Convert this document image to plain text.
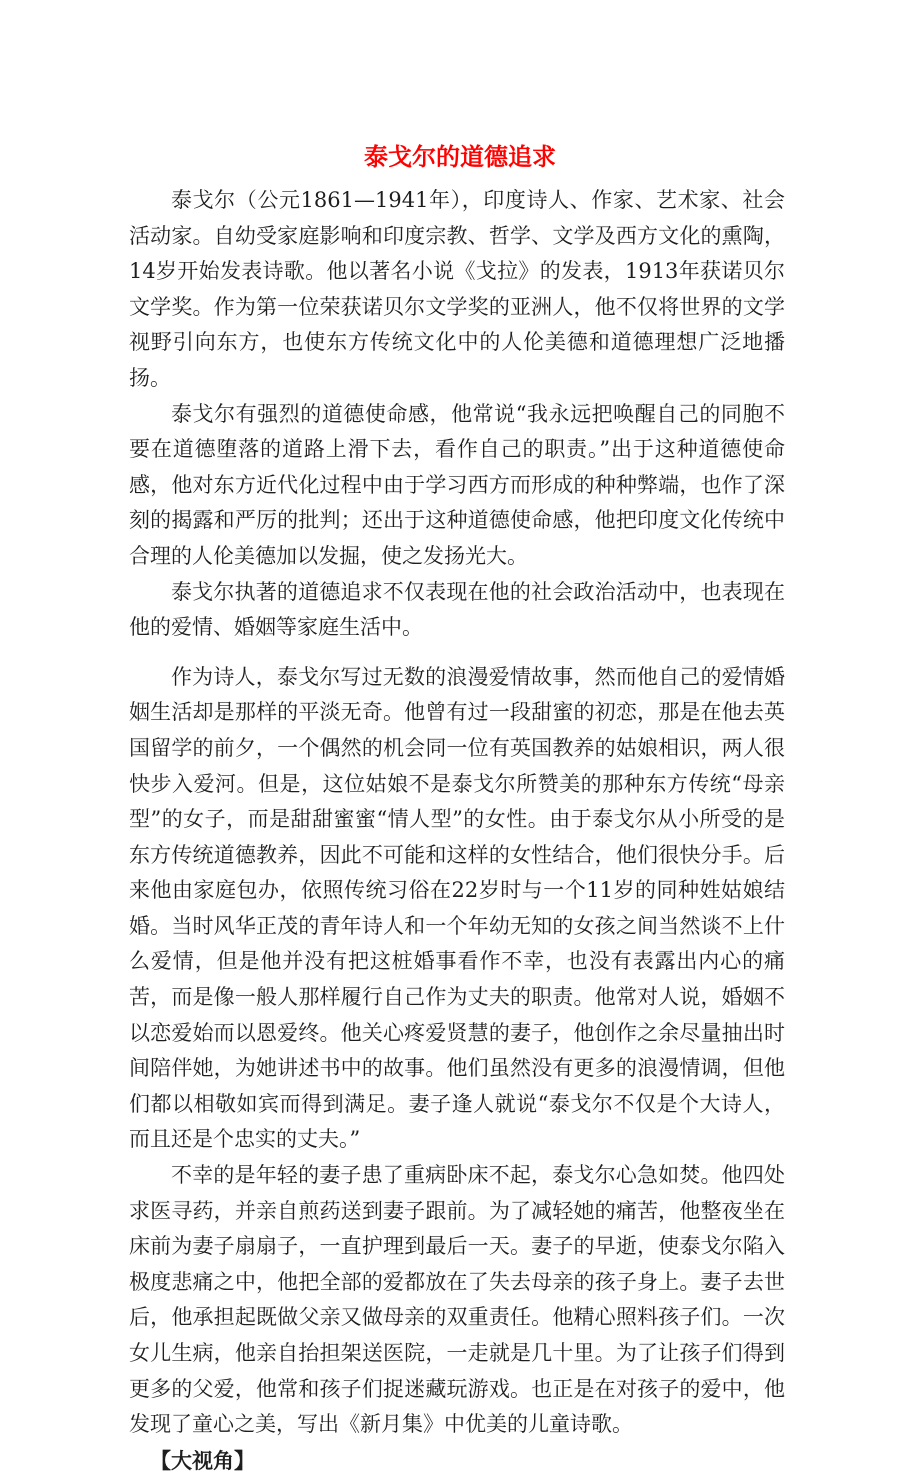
泰戈尔的道德追求

泰戈尔（公元1861—1941年），印度诗人、作家、艺术家、社会活动家。自幼受家庭影响和印度宗教、哲学、文学及西方文化的熏陶，14岁开始发表诗歌。他以著名小说《戈拉》的发表，1913年获诺贝尔文学奖。作为第一位荣获诺贝尔文学奖的亚洲人，他不仅将世界的文学视野引向东方，也使东方传统文化中的人伦美德和道德理想广泛地播扬。

泰戈尔有强烈的道德使命感，他常说“我永远把唤醒自己的同胞不要在道德堕落的道路上滑下去，看作自己的职责。”出于这种道德使命感，他对东方近代化过程中由于学习西方而形成的种种弊端，也作了深刻的揭露和严厉的批判；还出于这种道德使命感，他把印度文化传统中合理的人伦美德加以发掘，使之发扬光大。

泰戈尔执著的道德追求不仅表现在他的社会政治活动中，也表现在他的爱情、婚姻等家庭生活中。

作为诗人，泰戈尔写过无数的浪漫爱情故事，然而他自己的爱情婚姻生活却是那样的平淡无奇。他曾有过一段甜蜜的初恋，那是在他去英国留学的前夕，一个偶然的机会同一位有英国教养的姑娘相识，两人很快步入爱河。但是，这位姑娘不是泰戈尔所赞美的那种东方传统“母亲型”的女子，而是甜甜蜜蜜“情人型”的女性。由于泰戈尔从小所受的是东方传统道德教养，因此不可能和这样的女性结合，他们很快分手。后来他由家庭包办，依照传统习俗在22岁时与一个11岁的同种姓姑娘结婚。当时风华正茂的青年诗人和一个年幼无知的女孩之间当然谈不上什么爱情，但是他并没有把这桩婚事看作不幸，也没有表露出内心的痛苦，而是像一般人那样履行自己作为丈夫的职责。他常对人说，婚姻不以恋爱始而以恩爱终。他关心疼爱贤慧的妻子，他创作之余尽量抽出时间陪伴她，为她讲述书中的故事。他们虽然没有更多的浪漫情调，但他们都以相敬如宾而得到满足。妻子逢人就说“泰戈尔不仅是个大诗人，而且还是个忠实的丈夫。”

不幸的是年轻的妻子患了重病卧床不起，泰戈尔心急如焚。他四处求医寻药，并亲自煎药送到妻子跟前。为了减轻她的痛苦，他整夜坐在床前为妻子扇扇子，一直护理到最后一天。妻子的早逝，使泰戈尔陷入极度悲痛之中，他把全部的爱都放在了失去母亲的孩子身上。妻子去世后，他承担起既做父亲又做母亲的双重责任。他精心照料孩子们。一次女儿生病，他亲自抬担架送医院，一走就是几十里。为了让孩子们得到更多的父爱，他常和孩子们捉迷藏玩游戏。也正是在对孩子的爱中，他发现了童心之美，写出《新月集》中优美的儿童诗歌。

【大视角】
